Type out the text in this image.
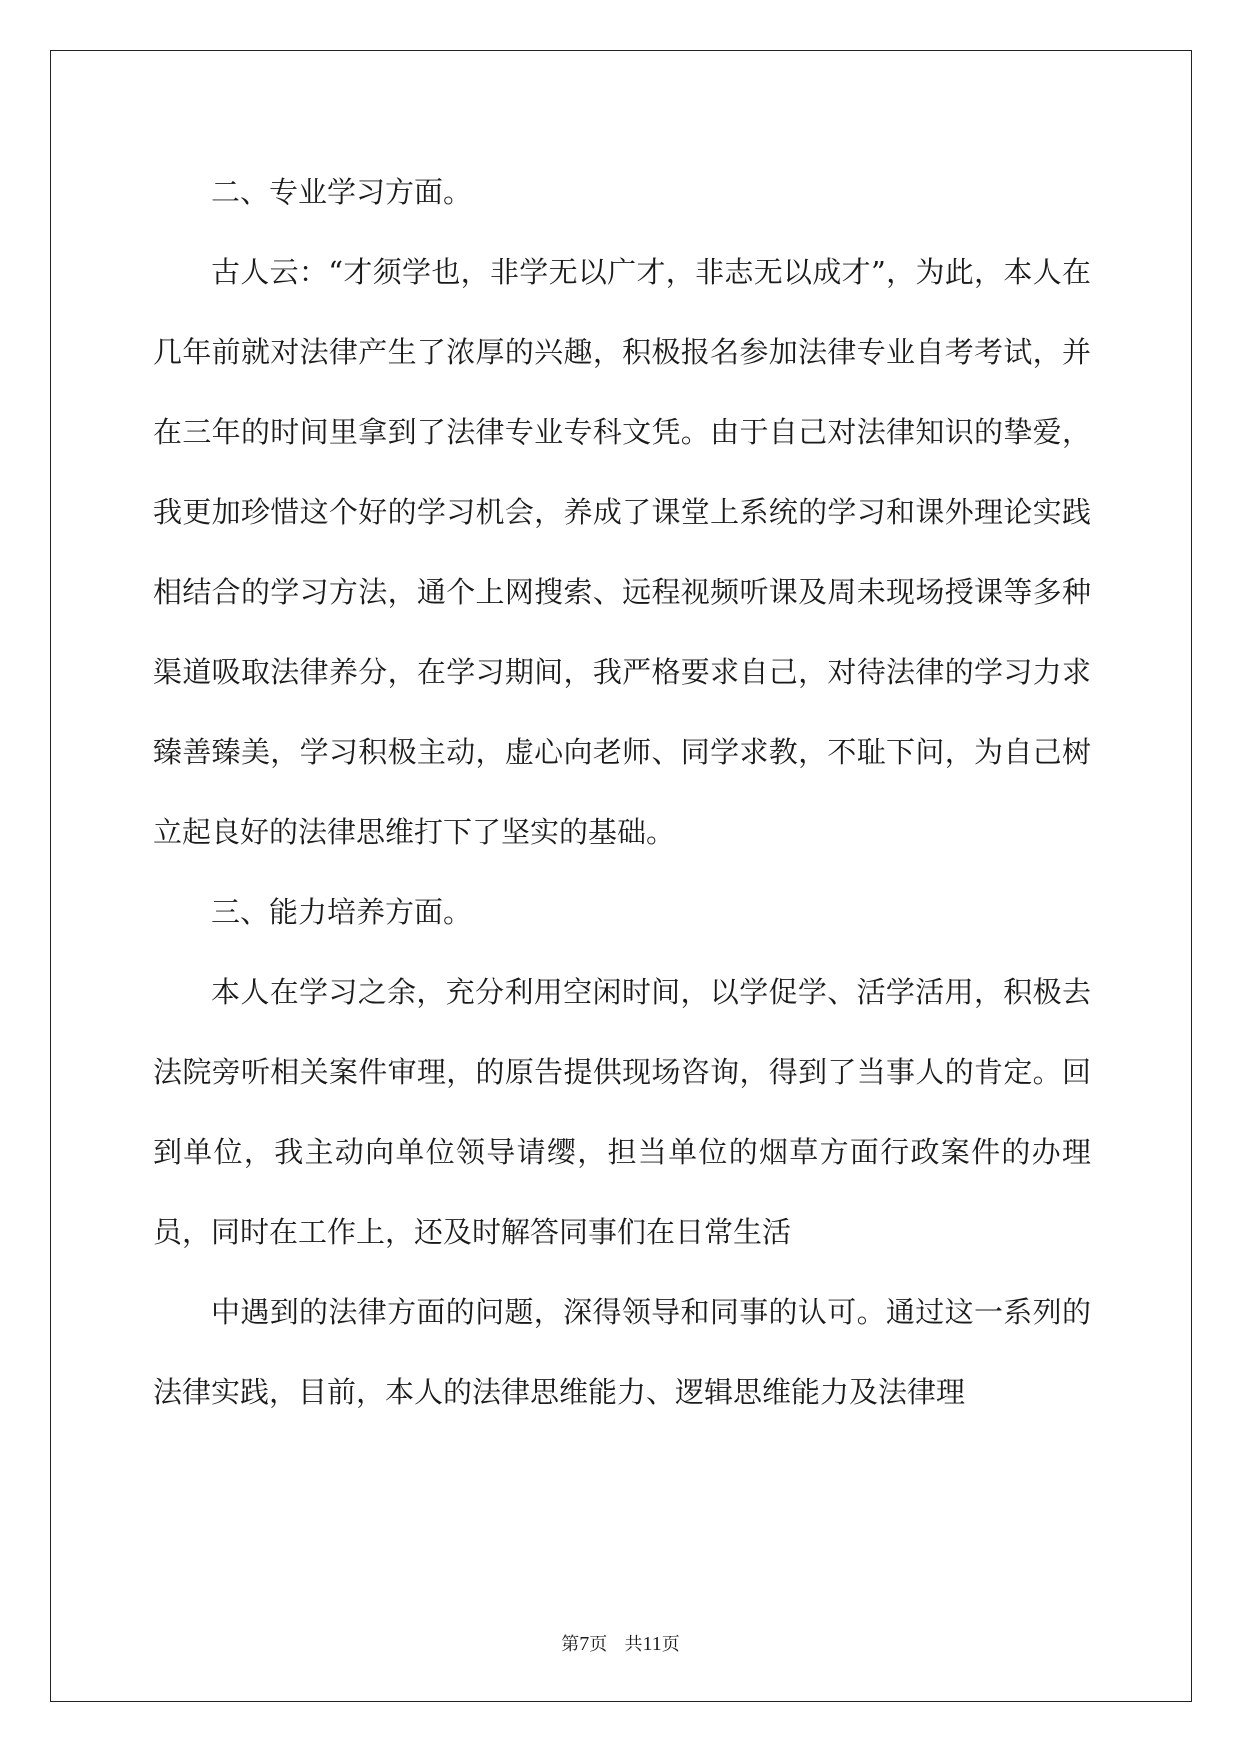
二、专业学习方面。

古人云：“才须学也，非学无以广才，非志无以成才”，为此，本人在几年前就对法律产生了浓厚的兴趣，积极报名参加法律专业自考考试，并在三年的时间里拿到了法律专业专科文凭。由于自己对法律知识的挚爱，我更加珍惜这个好的学习机会，养成了课堂上系统的学习和课外理论实践相结合的学习方法，通个上网搜索、远程视频听课及周未现场授课等多种渠道吸取法律养分，在学习期间，我严格要求自己，对待法律的学习力求臻善臻美，学习积极主动，虚心向老师、同学求教，不耻下问，为自己树立起良好的法律思维打下了坚实的基础。

三、能力培养方面。

本人在学习之余，充分利用空闲时间，以学促学、活学活用，积极去法院旁听相关案件审理，的原告提供现场咨询，得到了当事人的肯定。回到单位，我主动向单位领导请缨，担当单位的烟草方面行政案件的办理员，同时在工作上，还及时解答同事们在日常生活

中遇到的法律方面的问题，深得领导和同事的认可。通过这一系列的法律实践，目前，本人的法律思维能力、逻辑思维能力及法律理

第7页 共11页
